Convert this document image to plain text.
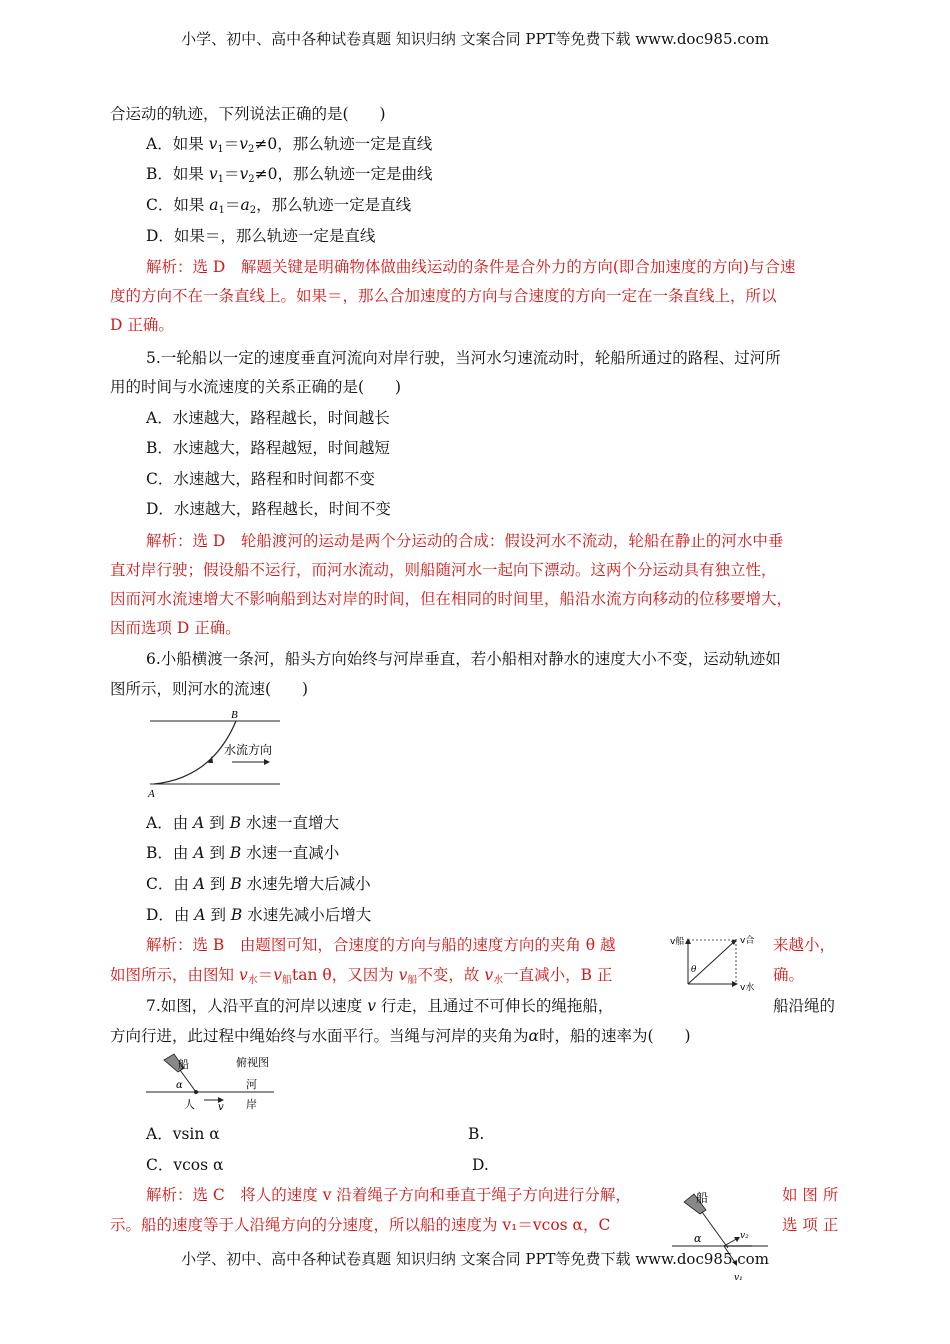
小学、初中、高中各种试卷真题 知识归纳 文案合同 PPT等免费下载 www.doc985.com
合运动的轨迹，下列说法正确的是(　　)
A．如果 $v_1=v_2\ne 0$，那么轨迹一定是直线
B．如果 $v_1=v_2\ne 0$，那么轨迹一定是曲线
C．如果 $a_1=a_2$，那么轨迹一定是直线
D．如果＝，那么轨迹一定是直线
解析：选 D　解题关键是明确物体做曲线运动的条件是合外力的方向(即合加速度的方向)与合速
度的方向不在一条直线上。如果＝，那么合加速度的方向与合速度的方向一定在一条直线上，所以
D 正确。
5.一轮船以一定的速度垂直河流向对岸行驶，当河水匀速流动时，轮船所通过的路程、过河所
用的时间与水流速度的关系正确的是(　　)
A．水速越大，路程越长，时间越长
B．水速越大，路程越短，时间越短
C．水速越大，路程和时间都不变
D．水速越大，路程越长，时间不变
解析：选 D　轮船渡河的运动是两个分运动的合成：假设河水不流动，轮船在静止的河水中垂
直对岸行驶；假设船不运行，而河水流动，则船随河水一起向下漂动。这两个分运动具有独立性，
因而河水流速增大不影响船到达对岸的时间，但在相同的时间里，船沿水流方向移动的位移要增大，
因而选项 D 正确。
6.小船横渡一条河，船头方向始终与河岸垂直，若小船相对静水的速度大小不变，运动轨迹如
图所示，则河水的流速(　　)
B
A
水流方向
A．由 A 到 B 水速一直增大
B．由 A 到 B 水速一直减小
C．由 A 到 B 水速先增大后减小
D．由 A 到 B 水速先减小后增大
解析：选 B　由题图可知，合速度的方向与船的速度方向的夹角 θ 越	来越小，
如图所示，由图知 $v_水=v_船\tan$ θ，又因为 $v_船$不变，故 $v_水$一直减小，B 正	确。
v船	v合
θ
v水
7.如图，人沿平直的河岸以速度 v 行走，且通过不可伸长的绳拖船，	船沿绳的
方向行进，此过程中绳始终与水面平行。当绳与河岸的夹角为α时，船的速率为(　　)
船	俯视图
α	河
岸
人 v
A．vsin α	B.
C．vcos α	D.
解析：选 C　将人的速度 v 沿着绳子方向和垂直于绳子方向进行分解，	如 图 所
示。船的速度等于人沿绳方向的分速度，所以船的速度为 v₁＝vcos α，C	选 项 正
船
α	v₂
v₁
小学、初中、高中各种试卷真题 知识归纳 文案合同 PPT等免费下载 www.doc985.com
